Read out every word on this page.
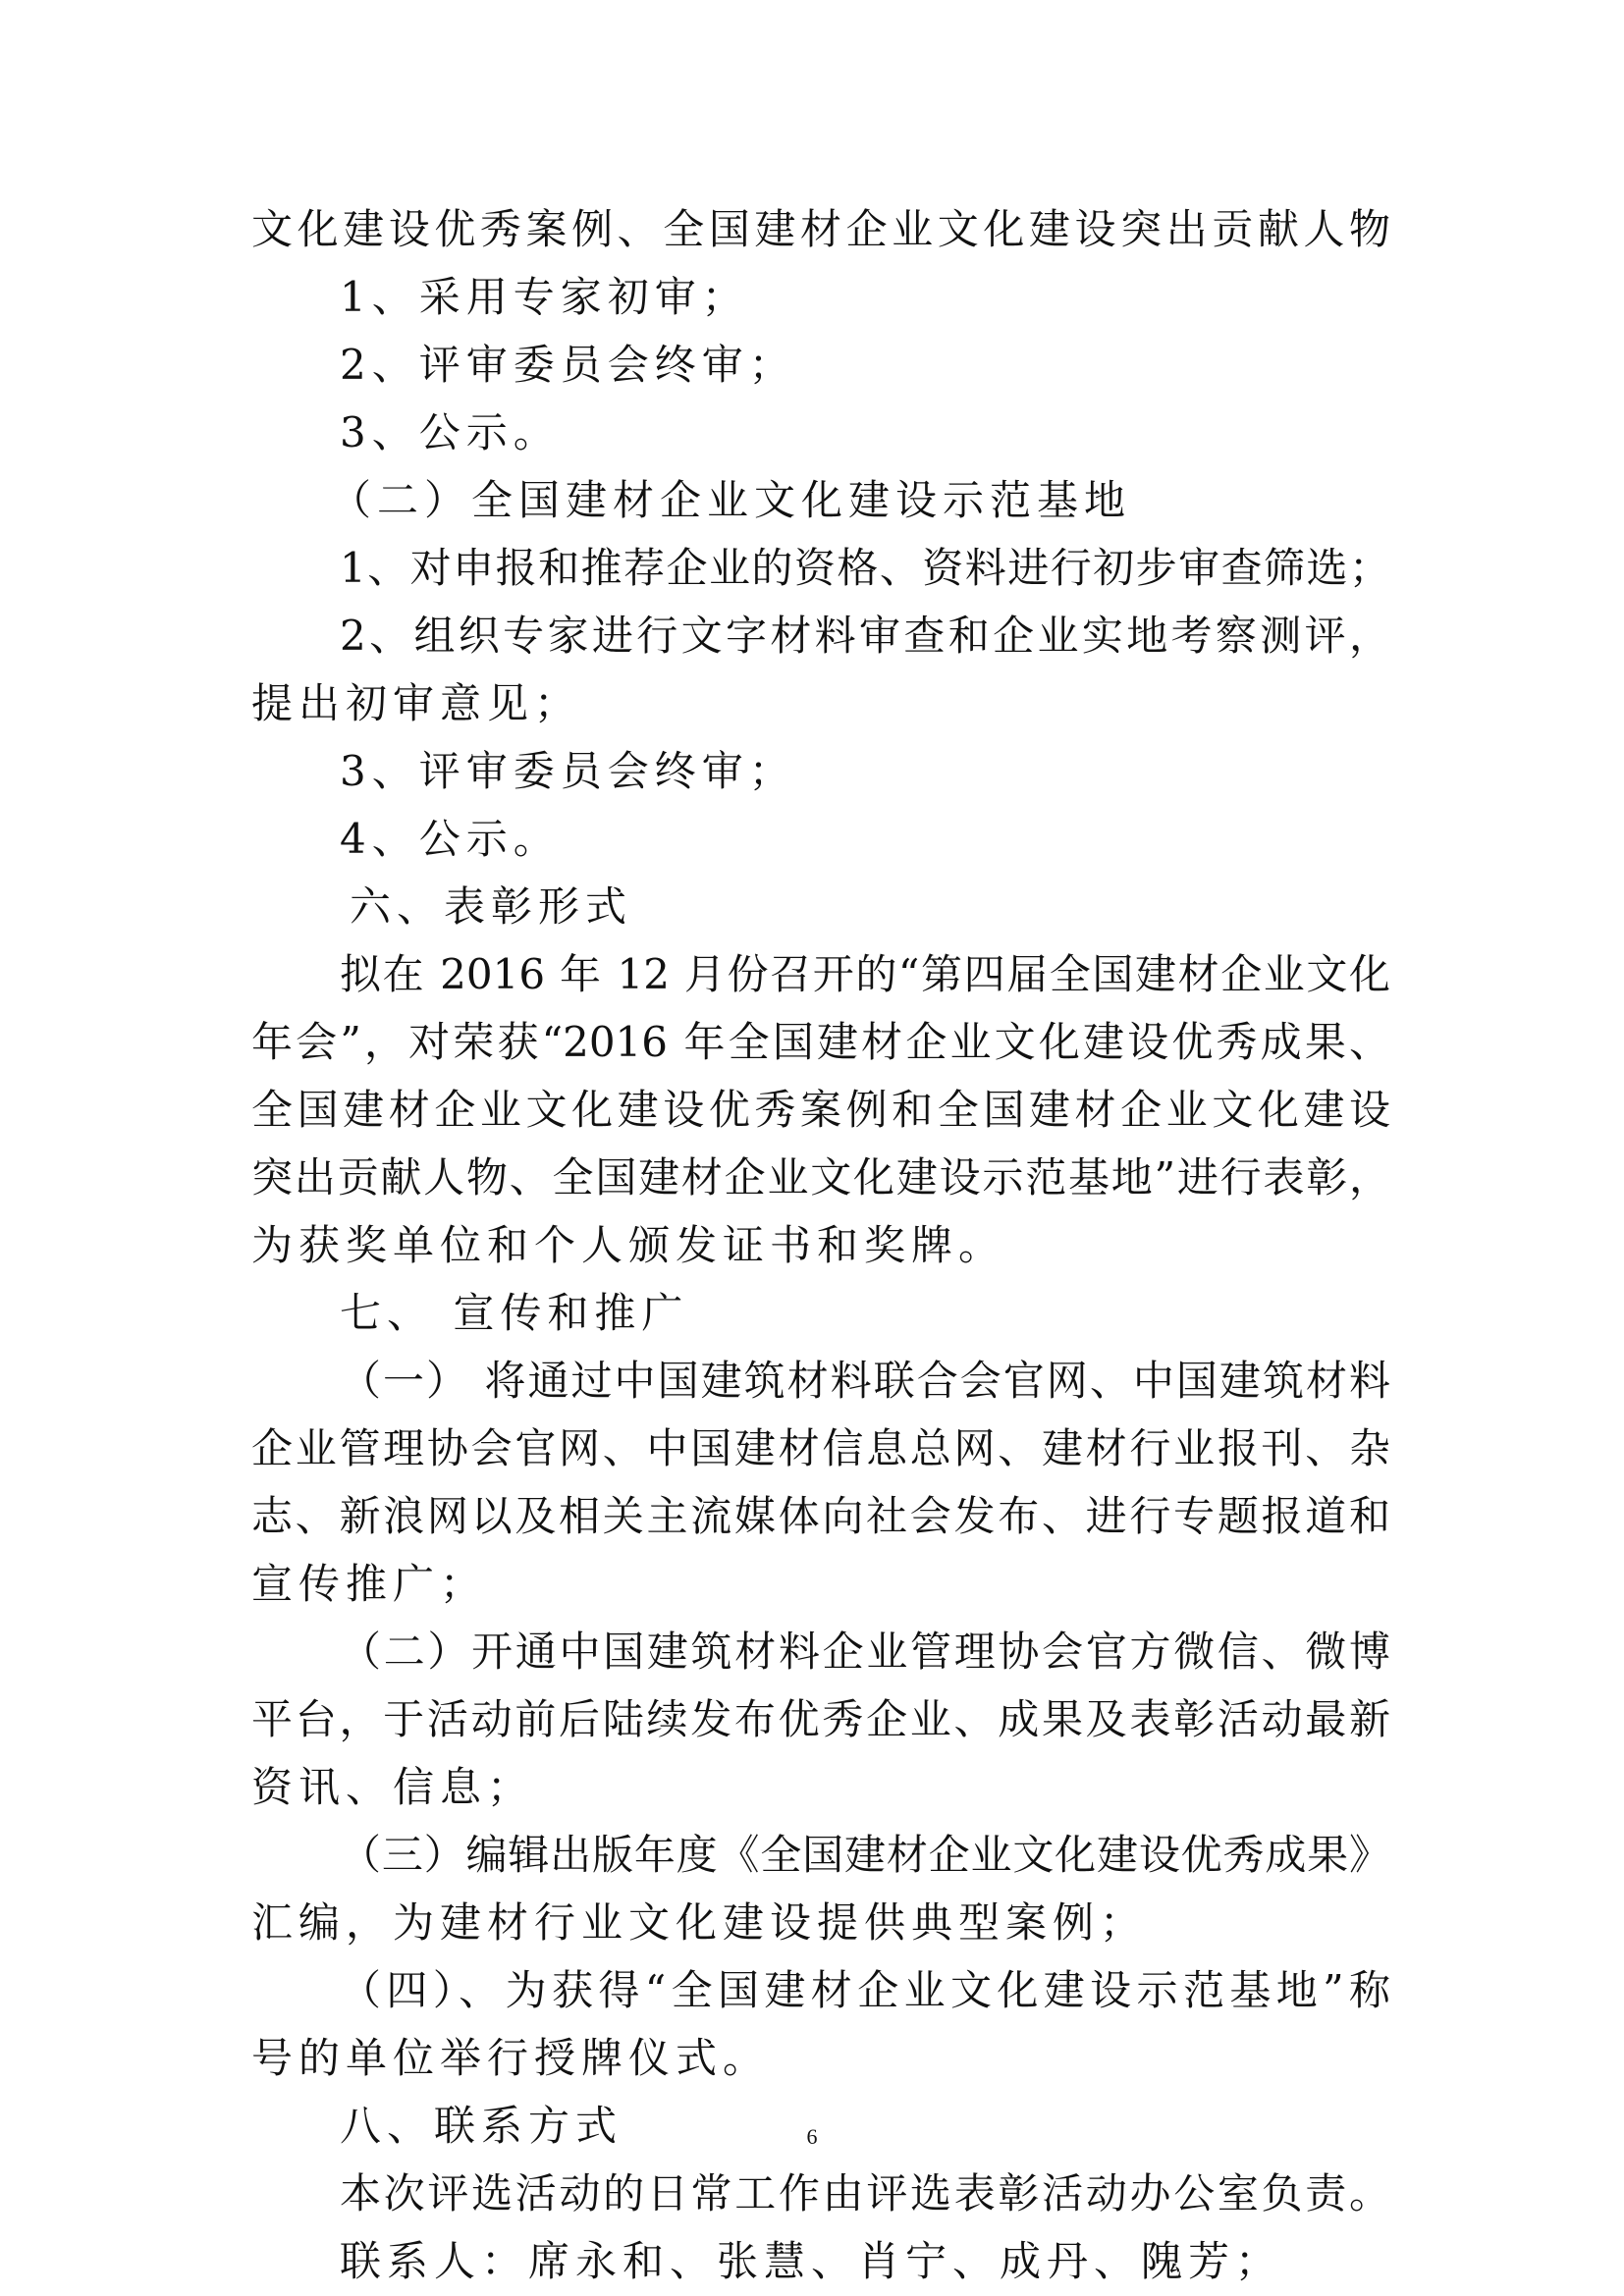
文化建设优秀案例、全国建材企业文化建设突出贡献人物
1、采用专家初审；
2、评审委员会终审；
3、公示。
（二）全国建材企业文化建设示范基地
1、对申报和推荐企业的资格、资料进行初步审查筛选；
2、组织专家进行文字材料审查和企业实地考察测评，
提出初审意见；
3、评审委员会终审；
4、公示。
六、表彰形式
拟在 2016 年 12 月份召开的“第四届全国建材企业文化
年会”，对荣获“2016 年全国建材企业文化建设优秀成果、
全国建材企业文化建设优秀案例和全国建材企业文化建设
突出贡献人物、全国建材企业文化建设示范基地”进行表彰，
为获奖单位和个人颁发证书和奖牌。
七、 宣传和推广
（一） 将通过中国建筑材料联合会官网、中国建筑材料
企业管理协会官网、中国建材信息总网、建材行业报刊、杂
志、新浪网以及相关主流媒体向社会发布、进行专题报道和
宣传推广；
（二）开通中国建筑材料企业管理协会官方微信、微博
平台，于活动前后陆续发布优秀企业、成果及表彰活动最新
资讯、信息；
（三）编辑出版年度《全国建材企业文化建设优秀成果》
汇编，为建材行业文化建设提供典型案例；
（四）、为获得“全国建材企业文化建设示范基地”称
号的单位举行授牌仪式。
八、联系方式
本次评选活动的日常工作由评选表彰活动办公室负责。
联系人：席永和、张慧、肖宁、成丹、隗芳；
6
